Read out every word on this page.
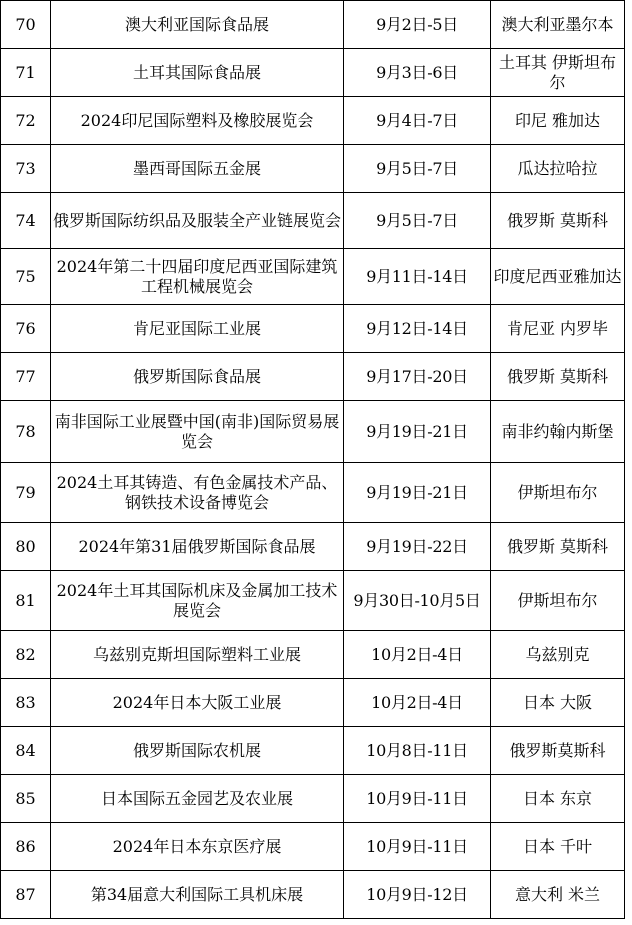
70	澳大利亚国际食品展	9月2日-5日	澳大利亚墨尔本
71	土耳其国际食品展	9月3日-6日	土耳其 伊斯坦布尔
72	2024印尼国际塑料及橡胶展览会	9月4日-7日	印尼 雅加达
73	墨西哥国际五金展	9月5日-7日	瓜达拉哈拉
74	俄罗斯国际纺织品及服装全产业链展览会	9月5日-7日	俄罗斯 莫斯科
75	2024年第二十四届印度尼西亚国际建筑工程机械展览会	9月11日-14日	印度尼西亚雅加达
76	肯尼亚国际工业展	9月12日-14日	肯尼亚 内罗毕
77	俄罗斯国际食品展	9月17日-20日	俄罗斯 莫斯科
78	南非国际工业展暨中国(南非)国际贸易展览会	9月19日-21日	南非约翰内斯堡
79	2024土耳其铸造、有色金属技术产品、钢铁技术设备博览会	9月19日-21日	伊斯坦布尔
80	2024年第31届俄罗斯国际食品展	9月19日-22日	俄罗斯 莫斯科
81	2024年土耳其国际机床及金属加工技术展览会	9月30日-10月5日	伊斯坦布尔
82	乌兹别克斯坦国际塑料工业展	10月2日-4日	乌兹别克
83	2024年日本大阪工业展	10月2日-4日	日本 大阪
84	俄罗斯国际农机展	10月8日-11日	俄罗斯莫斯科
85	日本国际五金园艺及农业展	10月9日-11日	日本 东京
86	2024年日本东京医疗展	10月9日-11日	日本 千叶
87	第34届意大利国际工具机床展	10月9日-12日	意大利 米兰
